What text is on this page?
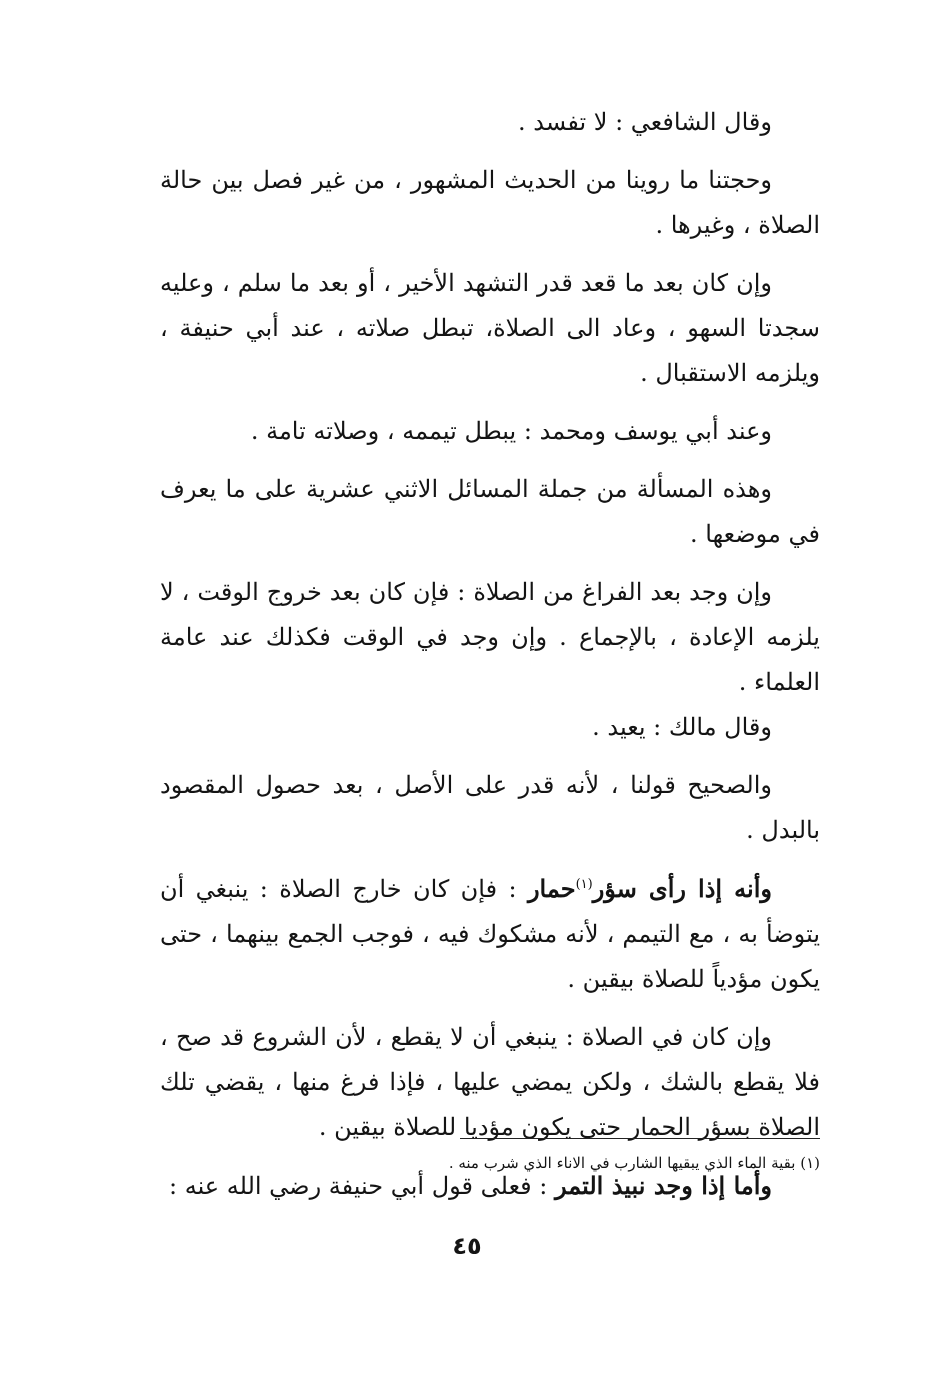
وقال الشافعي : لا تفسد .

وحجتنا ما روينا من الحديث المشهور ، من غير فصل بين حالة الصلاة ، وغيرها .

وإن كان بعد ما قعد قدر التشهد الأخير ، أو بعد ما سلم ، وعليه سجدتا السهو ، وعاد الى الصلاة، تبطل صلاته ، عند أبي حنيفة ، ويلزمه الاستقبال .

وعند أبي يوسف ومحمد : يبطل تيممه ، وصلاته تامة .

وهذه المسألة من جملة المسائل الاثني عشرية على ما يعرف في موضعها .

وإن وجد بعد الفراغ من الصلاة : فإن كان بعد خروج الوقت ، لا يلزمه الإعادة ، بالإجماع . وإن وجد في الوقت فكذلك عند عامة العلماء .
وقال مالك : يعيد .

والصحيح قولنا ، لأنه قدر على الأصل ، بعد حصول المقصود بالبدل .

وأنه إذا رأى سؤر$^{(١)}$حمار : فإن كان خارج الصلاة : ينبغي أن يتوضأ به ، مع التيمم ، لأنه مشكوك فيه ، فوجب الجمع بينهما ، حتى يكون مؤدياً للصلاة بيقين .

وإن كان في الصلاة : ينبغي أن لا يقطع ، لأن الشروع قد صح ، فلا يقطع بالشك ، ولكن يمضي عليها ، فإذا فرغ منها ، يقضي تلك الصلاة بسؤر الحمار حتى يكون مؤديا للصلاة بيقين .

وأما إذا وجد نبيذ التمر : فعلى قول أبي حنيفة رضي الله عنه :

(١) بقية الماء الذي يبقيها الشارب في الاناء الذي شرب منه .
٤٥
